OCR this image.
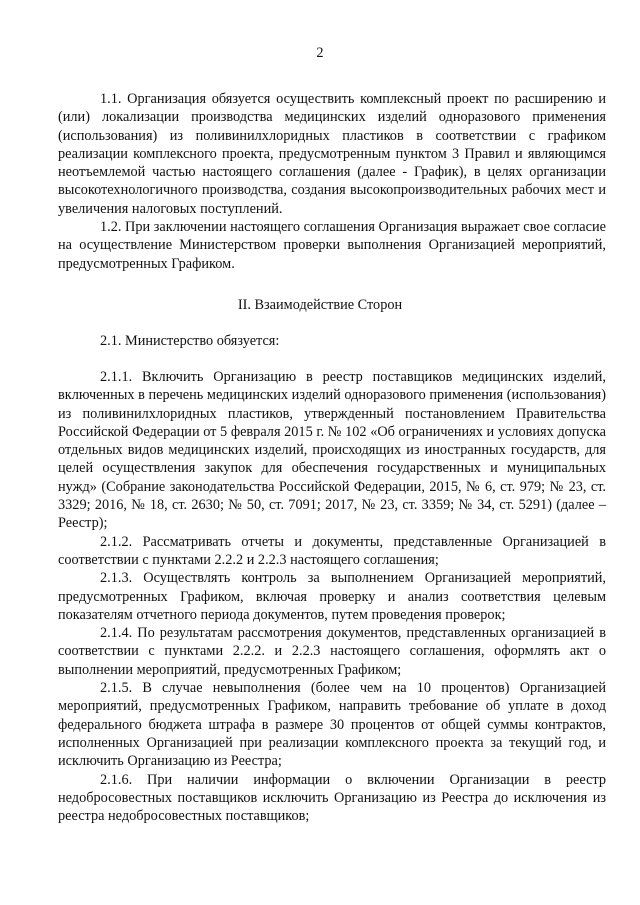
2

1.1. Организация обязуется осуществить комплексный проект по расширению и (или) локализации производства медицинских изделий одноразового применения (использования) из поливинилхлоридных пластиков в соответствии с графиком реализации комплексного проекта, предусмотренным пунктом 3 Правил и являющимся неотъемлемой частью настоящего соглашения (далее - График), в целях организации высокотехнологичного производства, создания высокопроизводительных рабочих мест и увеличения налоговых поступлений.

1.2. При заключении настоящего соглашения Организация выражает свое согласие на осуществление Министерством проверки выполнения Организацией мероприятий, предусмотренных Графиком.

II. Взаимодействие Сторон

2.1. Министерство обязуется:

2.1.1. Включить Организацию в реестр поставщиков медицинских изделий, включенных в перечень медицинских изделий одноразового применения (использования) из поливинилхлоридных пластиков, утвержденный постановлением Правительства Российской Федерации от 5 февраля 2015 г. № 102 «Об ограничениях и условиях допуска отдельных видов медицинских изделий, происходящих из иностранных государств, для целей осуществления закупок для обеспечения государственных и муниципальных нужд» (Собрание законодательства Российской Федерации, 2015, № 6, ст. 979; № 23, ст. 3329; 2016, № 18, ст. 2630; № 50, ст. 7091; 2017, № 23, ст. 3359; № 34, ст. 5291) (далее – Реестр);

2.1.2. Рассматривать отчеты и документы, представленные Организацией в соответствии с пунктами 2.2.2 и 2.2.3 настоящего соглашения;

2.1.3. Осуществлять контроль за выполнением Организацией мероприятий, предусмотренных Графиком, включая проверку и анализ соответствия целевым показателям отчетного периода документов, путем проведения проверок;

2.1.4. По результатам рассмотрения документов, представленных организацией в соответствии с пунктами 2.2.2. и 2.2.3 настоящего соглашения, оформлять акт о выполнении мероприятий, предусмотренных Графиком;

2.1.5. В случае невыполнения (более чем на 10 процентов) Организацией мероприятий, предусмотренных Графиком, направить требование об уплате в доход федерального бюджета штрафа в размере 30 процентов от общей суммы контрактов, исполненных Организацией при реализации комплексного проекта за текущий год, и исключить Организацию из Реестра;

2.1.6. При наличии информации о включении Организации в реестр недобросовестных поставщиков исключить Организацию из Реестра до исключения из реестра недобросовестных поставщиков;
